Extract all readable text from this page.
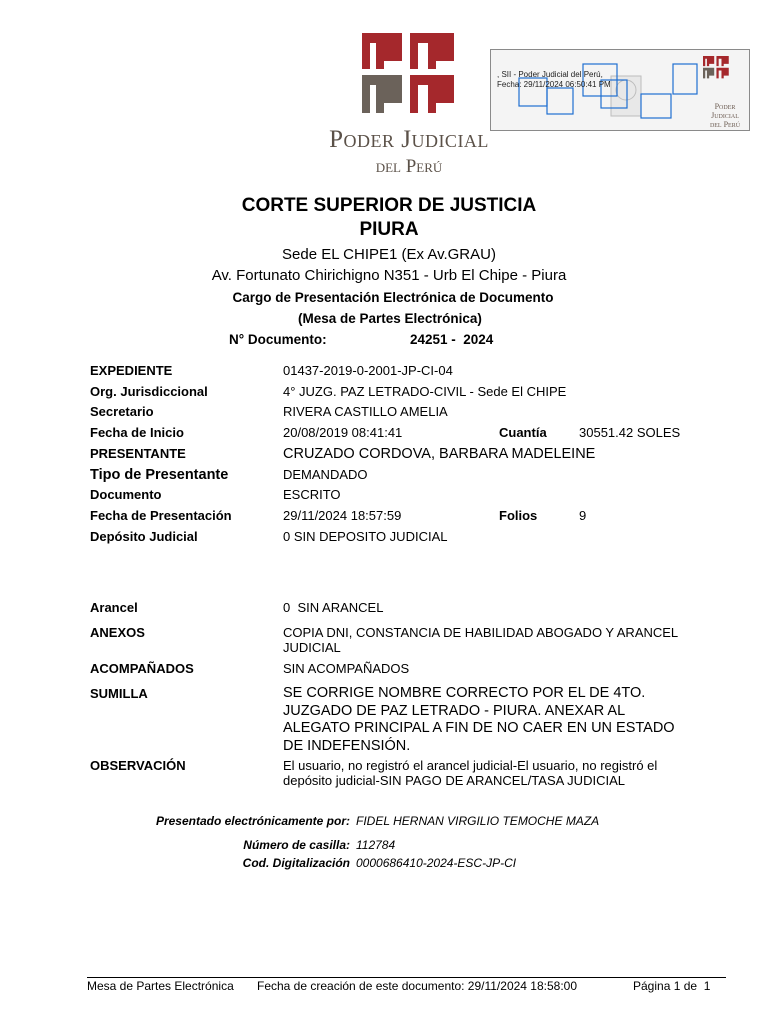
Poder Judicial
del Perú
, SII - Poder Judicial del Perú,
Fecha: 29/11/2024 06:50:41 PM
Poder Judicial
del Perú
CORTE SUPERIOR DE JUSTICIA
PIURA
Sede EL CHIPE1 (Ex Av.GRAU)
Av. Fortunato Chirichigno N351 - Urb El Chipe - Piura
Cargo de Presentación Electrónica de Documento
(Mesa de Partes Electrónica)
N° Documento:	24251 -  2024
EXPEDIENTE	01437-2019-0-2001-JP-CI-04
Org. Jurisdiccional	4° JUZG. PAZ LETRADO-CIVIL - Sede El CHIPE
Secretario	RIVERA CASTILLO AMELIA
Fecha de Inicio	20/08/2019 08:41:41	Cuantía 30551.42 SOLES
PRESENTANTE	CRUZADO CORDOVA, BARBARA MADELEINE
Tipo de Presentante	DEMANDADO
Documento	ESCRITO
Fecha de Presentación	29/11/2024 18:57:59	Folios	9
Depósito Judicial	0 SIN DEPOSITO JUDICIAL
Arancel	0  SIN ARANCEL
ANEXOS	COPIA DNI, CONSTANCIA DE HABILIDAD ABOGADO Y ARANCEL
JUDICIAL
ACOMPAÑADOS	SIN ACOMPAÑADOS
SUMILLA	SE CORRIGE NOMBRE CORRECTO POR EL DE 4TO.
JUZGADO DE PAZ LETRADO - PIURA. ANEXAR AL
ALEGATO PRINCIPAL A FIN DE NO CAER EN UN ESTADO
DE INDEFENSIÓN.
OBSERVACIÓN	El usuario, no registró el arancel judicial-El usuario, no registró el
depósito judicial-SIN PAGO DE ARANCEL/TASA JUDICIAL
Presentado electrónicamente por: FIDEL HERNAN VIRGILIO TEMOCHE MAZA
Número de casilla: 112784
Cod. Digitalización 0000686410-2024-ESC-JP-CI
Mesa de Partes Electrónica Fecha de creación de este documento: 29/11/2024 18:58:00	Página 1 de  1
